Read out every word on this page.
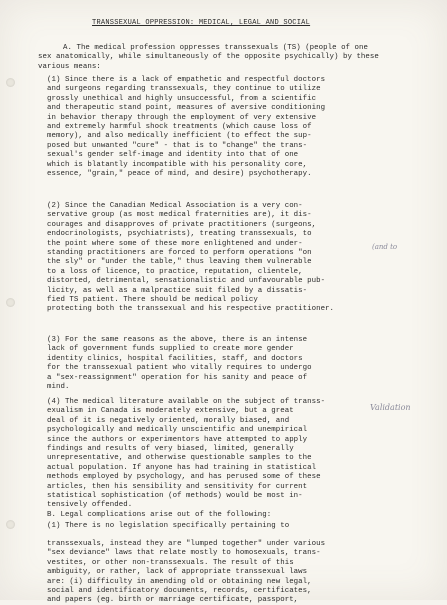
TRANSSEXUAL OPPRESSION: MEDICAL, LEGAL AND SOCIAL
A. The medical profession oppresses transsexuals (TS) (people of one
sex anatomically, while simultaneously of the opposite psychically) by these
various means:
(1) Since there is a lack of empathetic and respectful doctors
and surgeons regarding transsexuals, they continue to utilize
grossly unethical and highly unsuccessful, from a scientific
and therapeutic stand point, measures of aversive conditioning
in behavior therapy through the employment of very extensive
and extremely harmful shock treatments (which cause loss of
memory), and also medically inefficient (to effect the sup-
posed but unwanted "cure" - that is to "change" the trans-
sexual's gender self-image and identity into that of one
which is blatantly incompatible with his personality core,
essence, "grain," peace of mind, and desire) psychotherapy.
(2) Since the Canadian Medical Association is a very con-
servative group (as most medical fraternities are), it dis-
courages and disapproves of private practitioners (surgeons,
endocrinologists, psychiatrists), treating transsexuals, to
the point where some of these more enlightened and under-
standing practitioners are forced to perform operations "on
the sly" or "under the table," thus leaving them vulnerable
to a loss of licence, to practice, reputation, clientele,
distorted, detrimental, sensationalistic and unfavourable pub-
licity, as well as a malpractice suit filed by a dissatis-
fied TS patient. There should be medical policy
protecting both the transsexual and his respective practitioner.
(3) For the same reasons as the above, there is an intense
lack of government funds supplied to create more gender
identity clinics, hospital facilities, staff, and doctors
for the transsexual patient who vitally requires to undergo
a "sex-reassignment" operation for his sanity and peace of
mind.
(4) The medical literature available on the subject of transs-
exualism in Canada is moderately extensive, but a great
deal of it is negatively oriented, morally biased, and
psychologically and medically unscientific and unempirical
since the authors or experimentors have attempted to apply
findings and results of very biased, limited, generally
unrepresentative, and otherwise questionable samples to the
actual population. If anyone has had training in statistical
methods employed by psychology, and has perused some of these
articles, then his sensibility and sensitivity for current
statistical sophistication (of methods) would be most in-
tensively offended.
B. Legal complications arise out of the following:
(1) There is no legislation specifically pertaining to
transsexuals, instead they are "lumped together" under various
"sex deviance" laws that relate mostly to homosexuals, trans-
vestites, or other non-transsexuals. The result of this
ambiguity, or rather, lack of appropriate transsexual laws
are: (i) difficulty in amending old or obtaining new legal,
social and identificatory documents, records, certificates,
and papers (eg. birth or marriage certificate, passport,
(and to
Validation
